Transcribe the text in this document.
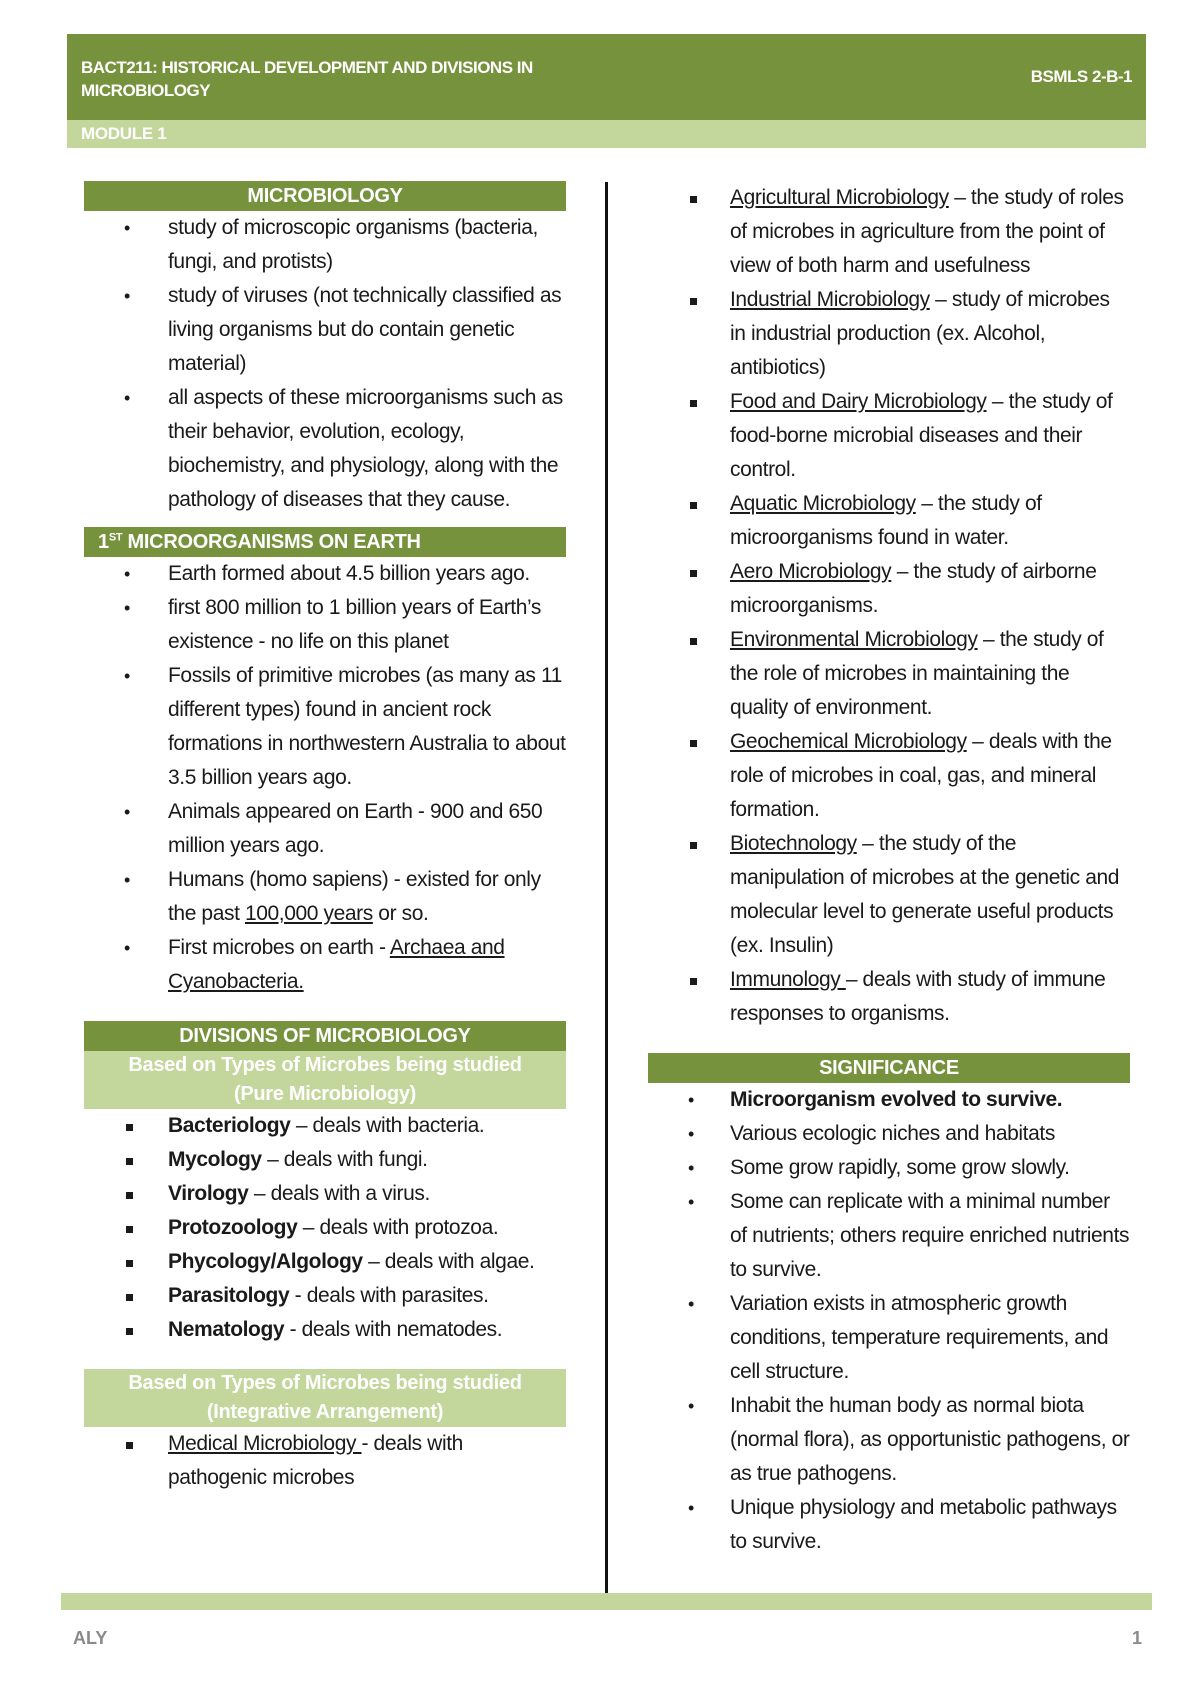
BACT211: HISTORICAL DEVELOPMENT AND DIVISIONS IN MICROBIOLOGY
BSMLS 2-B-1
MODULE 1
MICROBIOLOGY
• study of microscopic organisms (bacteria, fungi, and protists)
• study of viruses (not technically classified as living organisms but do contain genetic material)
• all aspects of these microorganisms such as their behavior, evolution, ecology, biochemistry, and physiology, along with the pathology of diseases that they cause.
1ST MICROORGANISMS ON EARTH
• Earth formed about 4.5 billion years ago.
• first 800 million to 1 billion years of Earth’s existence - no life on this planet
• Fossils of primitive microbes (as many as 11 different types) found in ancient rock formations in northwestern Australia to about 3.5 billion years ago.
• Animals appeared on Earth - 900 and 650 million years ago.
• Humans (homo sapiens) - existed for only the past 100,000 years or so.
• First microbes on earth - Archaea and Cyanobacteria.
DIVISIONS OF MICROBIOLOGY
Based on Types of Microbes being studied
(Pure Microbiology)
Bacteriology – deals with bacteria.
Mycology – deals with fungi.
Virology – deals with a virus.
Protozoology – deals with protozoa.
Phycology/Algology – deals with algae.
Parasitology - deals with parasites.
Nematology - deals with nematodes.
Based on Types of Microbes being studied
(Integrative Arrangement)
Medical Microbiology - deals with pathogenic microbes
Agricultural Microbiology – the study of roles of microbes in agriculture from the point of view of both harm and usefulness
Industrial Microbiology – study of microbes in industrial production (ex. Alcohol, antibiotics)
Food and Dairy Microbiology – the study of food-borne microbial diseases and their control.
Aquatic Microbiology – the study of microorganisms found in water.
Aero Microbiology – the study of airborne microorganisms.
Environmental Microbiology – the study of the role of microbes in maintaining the quality of environment.
Geochemical Microbiology – deals with the role of microbes in coal, gas, and mineral formation.
Biotechnology – the study of the manipulation of microbes at the genetic and molecular level to generate useful products (ex. Insulin)
Immunology – deals with study of immune responses to organisms.
SIGNIFICANCE
• Microorganism evolved to survive.
• Various ecologic niches and habitats
• Some grow rapidly, some grow slowly.
• Some can replicate with a minimal number of nutrients; others require enriched nutrients to survive.
• Variation exists in atmospheric growth conditions, temperature requirements, and cell structure.
• Inhabit the human body as normal biota (normal flora), as opportunistic pathogens, or as true pathogens.
• Unique physiology and metabolic pathways to survive.
ALY	1
